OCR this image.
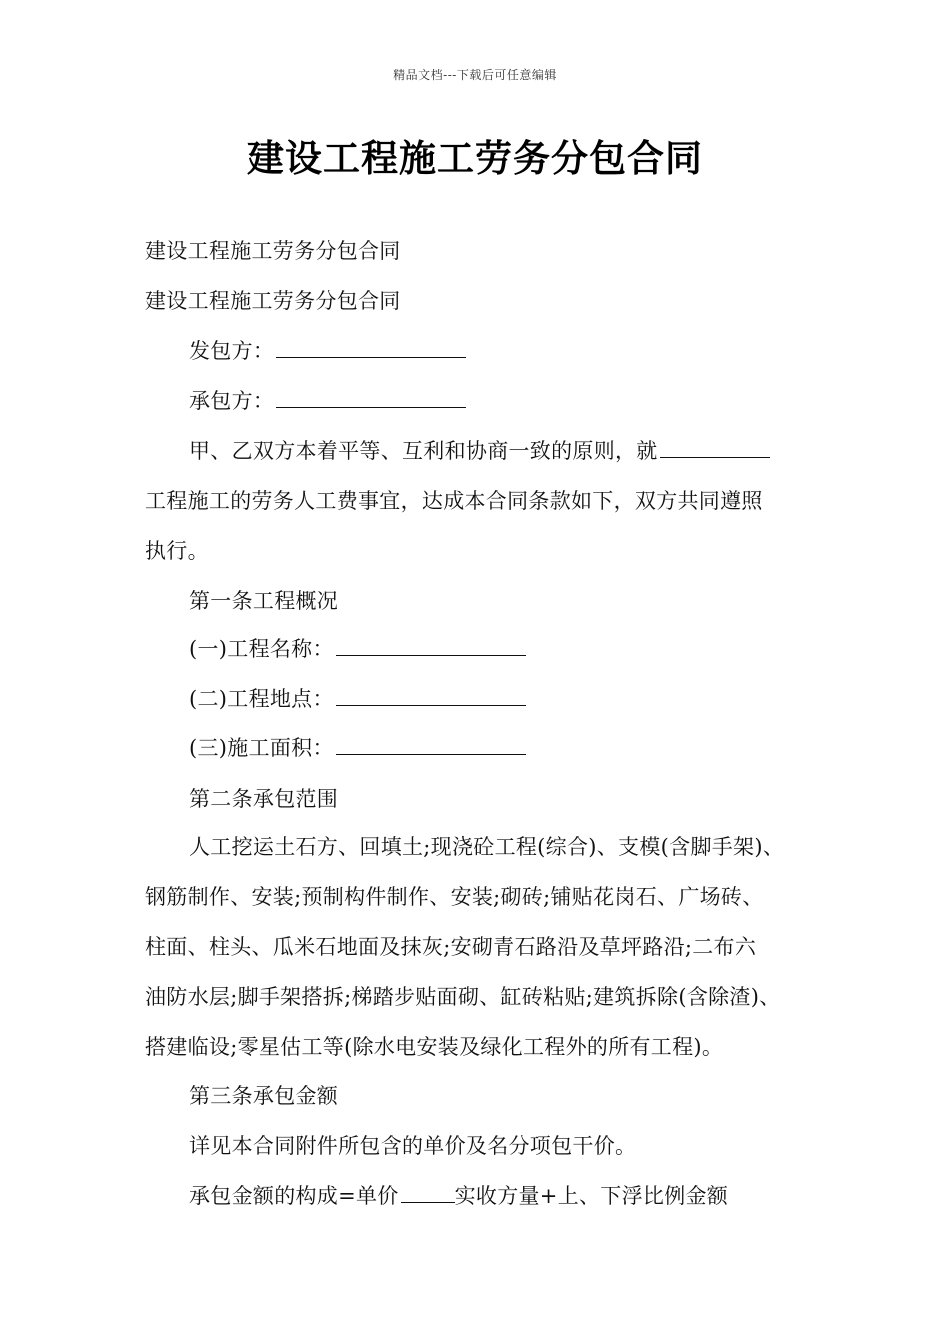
精品文档---下载后可任意编辑
建设工程施工劳务分包合同
建设工程施工劳务分包合同
建设工程施工劳务分包合同
发包方：
承包方：
甲、乙双方本着平等、互利和协商一致的原则，就
工程施工的劳务人工费事宜，达成本合同条款如下，双方共同遵照
执行。
第一条工程概况
(一)工程名称：
(二)工程地点：
(三)施工面积：
第二条承包范围
人工挖运土石方、回填土;现浇砼工程(综合)、支模(含脚手架)、
钢筋制作、安装;预制构件制作、安装;砌砖;铺贴花岗石、广场砖、
柱面、柱头、瓜米石地面及抹灰;安砌青石路沿及草坪路沿;二布六
油防水层;脚手架搭拆;梯踏步贴面砌、缸砖粘贴;建筑拆除(含除渣)、
搭建临设;零星估工等(除水电安装及绿化工程外的所有工程)。
第三条承包金额
详见本合同附件所包含的单价及名分项包干价。
承包金额的构成=单价	实收方量+上、下浮比例金额
